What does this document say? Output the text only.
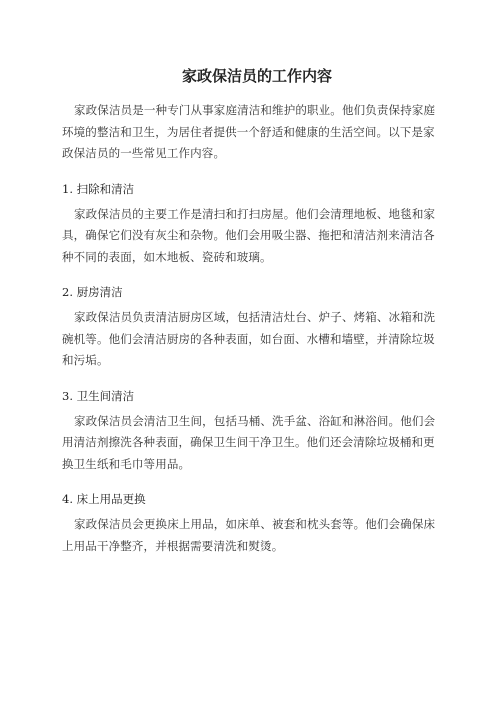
家政保洁员的工作内容

家政保洁员是一种专门从事家庭清洁和维护的职业。他们负责保持家庭环境的整洁和卫生，为居住者提供一个舒适和健康的生活空间。以下是家政保洁员的一些常见工作内容。

1. 扫除和清洁

家政保洁员的主要工作是清扫和打扫房屋。他们会清理地板、地毯和家具，确保它们没有灰尘和杂物。他们会用吸尘器、拖把和清洁剂来清洁各种不同的表面，如木地板、瓷砖和玻璃。

2. 厨房清洁

家政保洁员负责清洁厨房区域，包括清洁灶台、炉子、烤箱、冰箱和洗碗机等。他们会清洁厨房的各种表面，如台面、水槽和墙壁，并清除垃圾和污垢。

3. 卫生间清洁

家政保洁员会清洁卫生间，包括马桶、洗手盆、浴缸和淋浴间。他们会用清洁剂擦洗各种表面，确保卫生间干净卫生。他们还会清除垃圾桶和更换卫生纸和毛巾等用品。

4. 床上用品更换

家政保洁员会更换床上用品，如床单、被套和枕头套等。他们会确保床上用品干净整齐，并根据需要清洗和熨烫。
